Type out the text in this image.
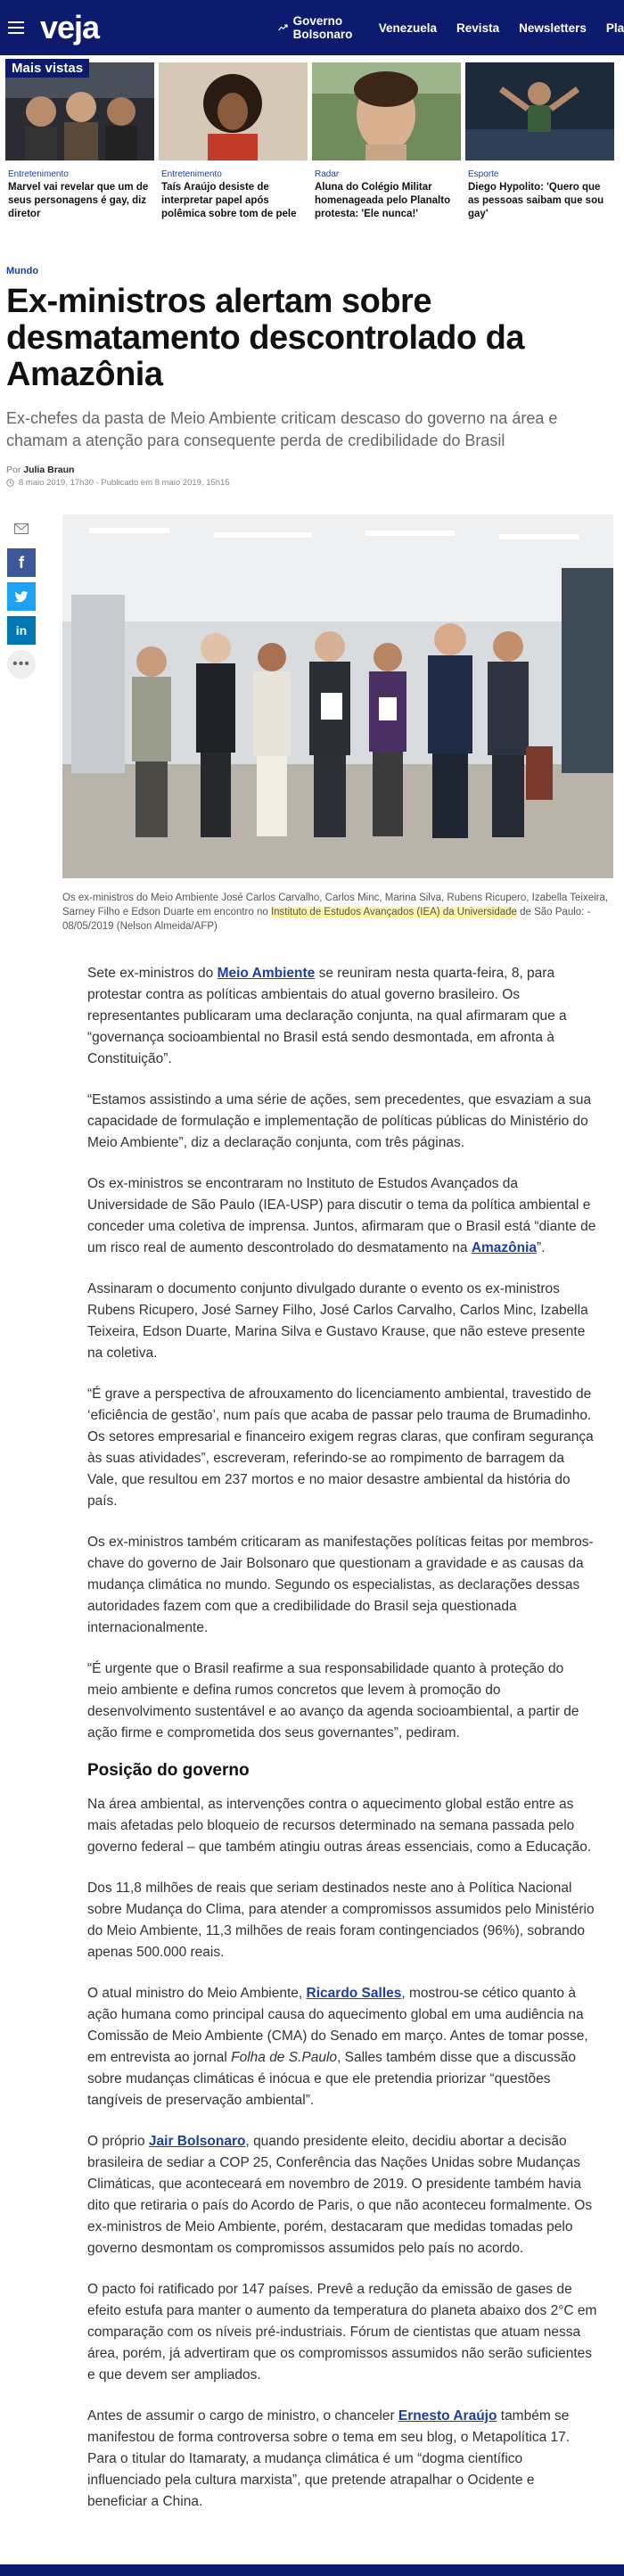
veja	Governo Bolsonaro	Venezuela Revista Newsletters Pla
Entretenimento
Marvel vai revelar que um de seus personagens é gay, diz diretor
Entretenimento
Taís Araújo desiste de interpretar papel após polêmica sobre tom de pele
Radar
Aluna do Colégio Militar homenageada pelo Planalto protesta: 'Ele nunca!'
Esporte
Diego Hypolito: 'Quero que as pessoas saibam que sou gay'
Mais vistas
Mundo
Ex-ministros alertam sobre desmatamento descontrolado da Amazônia
Ex-chefes da pasta de Meio Ambiente criticam descaso do governo na área e chamam a atenção para consequente perda de credibilidade do Brasil
Por Julia Braun
8 maio 2019, 17h30 - Publicado em 8 maio 2019, 15h15
f
in
•••
Os ex-ministros do Meio Ambiente José Carlos Carvalho, Carlos Minc, Marina Silva, Rubens Ricupero, Izabella Teixeira, Sarney Filho e Edson Duarte em encontro no Instituto de Estudos Avançados (IEA) da Universidade de São Paulo: - 08/05/2019 (Nelson Almeida/AFP)

Sete ex-ministros do Meio Ambiente se reuniram nesta quarta-feira, 8, para protestar contra as políticas ambientais do atual governo brasileiro. Os representantes publicaram uma declaração conjunta, na qual afirmaram que a “governança socioambiental no Brasil está sendo desmontada, em afronta à Constituição”.

“Estamos assistindo a uma série de ações, sem precedentes, que esvaziam a sua capacidade de formulação e implementação de políticas públicas do Ministério do Meio Ambiente”, diz a declaração conjunta, com três páginas.

Os ex-ministros se encontraram no Instituto de Estudos Avançados da Universidade de São Paulo (IEA-USP) para discutir o tema da política ambiental e conceder uma coletiva de imprensa. Juntos, afirmaram que o Brasil está “diante de um risco real de aumento descontrolado do desmatamento na Amazônia”.

Assinaram o documento conjunto divulgado durante o evento os ex-ministros Rubens Ricupero, José Sarney Filho, José Carlos Carvalho, Carlos Minc, Izabella Teixeira, Edson Duarte, Marina Silva e Gustavo Krause, que não esteve presente na coletiva.

“É grave a perspectiva de afrouxamento do licenciamento ambiental, travestido de ‘eficiência de gestão’, num país que acaba de passar pelo trauma de Brumadinho. Os setores empresarial e financeiro exigem regras claras, que confiram segurança às suas atividades”, escreveram, referindo-se ao rompimento de barragem da Vale, que resultou em 237 mortos e no maior desastre ambiental da história do país.

Os ex-ministros também criticaram as manifestações políticas feitas por membros-chave do governo de Jair Bolsonaro que questionam a gravidade e as causas da mudança climática no mundo. Segundo os especialistas, as declarações dessas autoridades fazem com que a credibilidade do Brasil seja questionada internacionalmente.

“É urgente que o Brasil reafirme a sua responsabilidade quanto à proteção do meio ambiente e defina rumos concretos que levem à promoção do desenvolvimento sustentável e ao avanço da agenda socioambiental, a partir de ação firme e comprometida dos seus governantes”, pediram.

Posição do governo

Na área ambiental, as intervenções contra o aquecimento global estão entre as mais afetadas pelo bloqueio de recursos determinado na semana passada pelo governo federal – que também atingiu outras áreas essenciais, como a Educação.

Dos 11,8 milhões de reais que seriam destinados neste ano à Política Nacional sobre Mudança do Clima, para atender a compromissos assumidos pelo Ministério do Meio Ambiente, 11,3 milhões de reais foram contingenciados (96%), sobrando apenas 500.000 reais.

O atual ministro do Meio Ambiente, Ricardo Salles, mostrou-se cético quanto à ação humana como principal causa do aquecimento global em uma audiência na Comissão de Meio Ambiente (CMA) do Senado em março. Antes de tomar posse, em entrevista ao jornal Folha de S.Paulo, Salles também disse que a discussão sobre mudanças climáticas é inócua e que ele pretendia priorizar “questões tangíveis de preservação ambiental”.

O próprio Jair Bolsonaro, quando presidente eleito, decidiu abortar a decisão brasileira de sediar a COP 25, Conferência das Nações Unidas sobre Mudanças Climáticas, que aconteceará em novembro de 2019. O presidente também havia dito que retiraria o país do Acordo de Paris, o que não aconteceu formalmente. Os ex-ministros de Meio Ambiente, porém, destacaram que medidas tomadas pelo governo desmontam os compromissos assumidos pelo país no acordo.

O pacto foi ratificado por 147 países. Prevê a redução da emissão de gases de efeito estufa para manter o aumento da temperatura do planeta abaixo dos 2°C em comparação com os níveis pré-industriais. Fórum de cientistas que atuam nessa área, porém, já advertiram que os compromissos assumidos não serão suficientes e que devem ser ampliados.

Antes de assumir o cargo de ministro, o chanceler Ernesto Araújo também se manifestou de forma controversa sobre o tema em seu blog, o Metapolítica 17. Para o titular do Itamaraty, a mudança climática é um “dogma científico influenciado pela cultura marxista”, que pretende atrapalhar o Ocidente e beneficiar a China.
